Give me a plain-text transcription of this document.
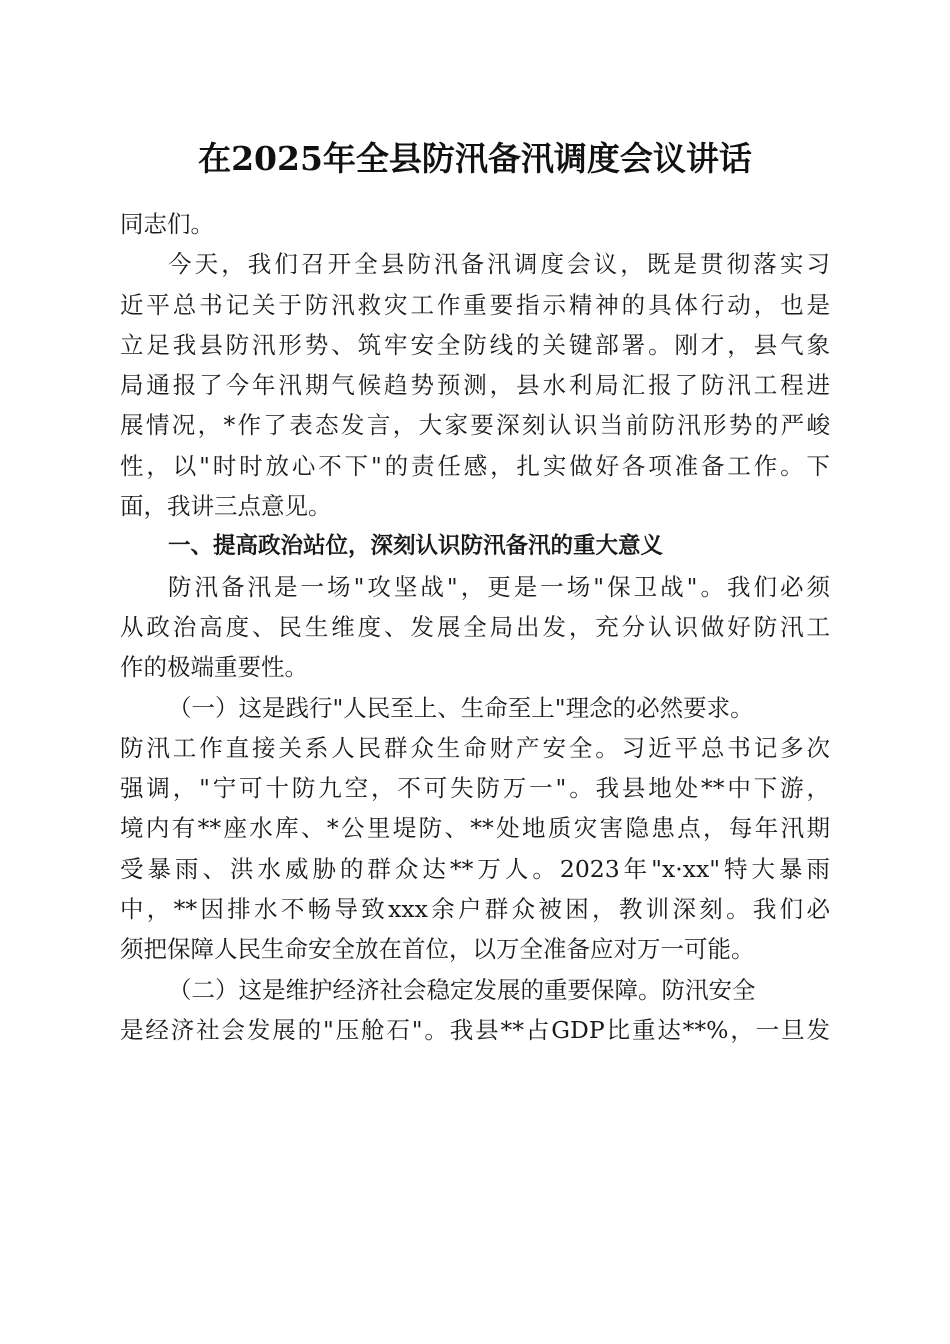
在2025年全县防汛备汛调度会议讲话
同志们。
今天，我们召开全县防汛备汛调度会议，既是贯彻落实习
近平总书记关于防汛救灾工作重要指示精神的具体行动，也是
立足我县防汛形势、筑牢安全防线的关键部署。刚才，县气象
局通报了今年汛期气候趋势预测，县水利局汇报了防汛工程进
展情况，*作了表态发言，大家要深刻认识当前防汛形势的严峻
性，以"时时放心不下"的责任感，扎实做好各项准备工作。下
面，我讲三点意见。
一、提高政治站位，深刻认识防汛备汛的重大意义
防汛备汛是一场"攻坚战"，更是一场"保卫战"。我们必须
从政治高度、民生维度、发展全局出发，充分认识做好防汛工
作的极端重要性。
（一）这是践行"人民至上、生命至上"理念的必然要求。
防汛工作直接关系人民群众生命财产安全。习近平总书记多次
强调，"宁可十防九空，不可失防万一"。我县地处**中下游，
境内有**座水库、*公里堤防、**处地质灾害隐患点，每年汛期
受暴雨、洪水威胁的群众达**万人。2023年"x·xx"特大暴雨
中，**因排水不畅导致xxx余户群众被困，教训深刻。我们必
须把保障人民生命安全放在首位，以万全准备应对万一可能。
（二）这是维护经济社会稳定发展的重要保障。防汛安全
是经济社会发展的"压舱石"。我县**占GDP比重达**%，一旦发
